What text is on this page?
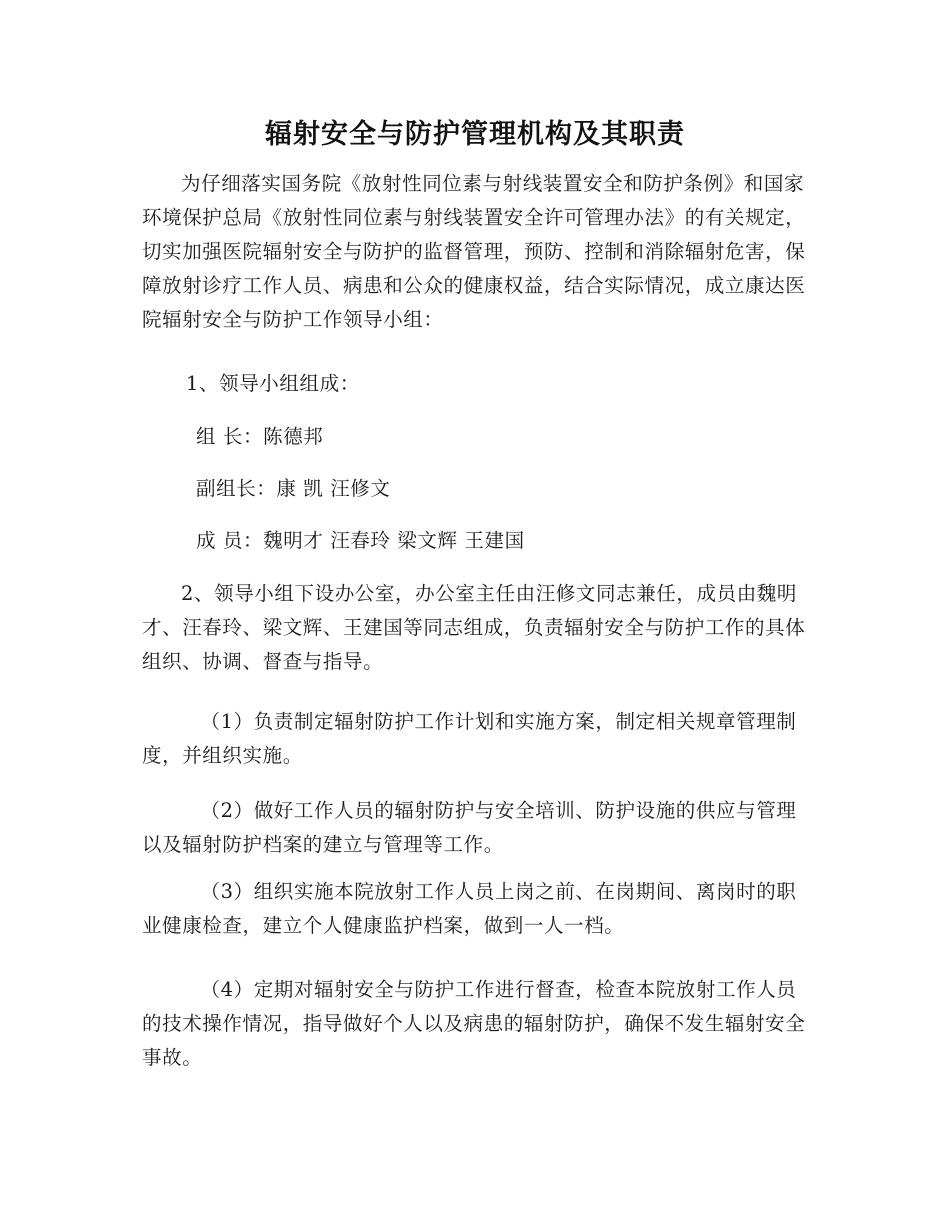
辐射安全与防护管理机构及其职责
为仔细落实国务院《放射性同位素与射线装置安全和防护条例》和国家环境保护总局《放射性同位素与射线装置安全许可管理办法》的有关规定，切实加强医院辐射安全与防护的监督管理，预防、控制和消除辐射危害，保障放射诊疗工作人员、病患和公众的健康权益，结合实际情况，成立康达医院辐射安全与防护工作领导小组：
1、领导小组组成：
组 长：陈德邦
副组长：康 凯 汪修文
成 员：魏明才 汪春玲 梁文辉 王建国
2、领导小组下设办公室，办公室主任由汪修文同志兼任，成员由魏明才、汪春玲、梁文辉、王建国等同志组成，负责辐射安全与防护工作的具体组织、协调、督查与指导。
（1）负责制定辐射防护工作计划和实施方案，制定相关规章管理制度，并组织实施。
（2）做好工作人员的辐射防护与安全培训、防护设施的供应与管理以及辐射防护档案的建立与管理等工作。
（3）组织实施本院放射工作人员上岗之前、在岗期间、离岗时的职业健康检查，建立个人健康监护档案，做到一人一档。
（4）定期对辐射安全与防护工作进行督查，检查本院放射工作人员的技术操作情况，指导做好个人以及病患的辐射防护，确保不发生辐射安全事故。
